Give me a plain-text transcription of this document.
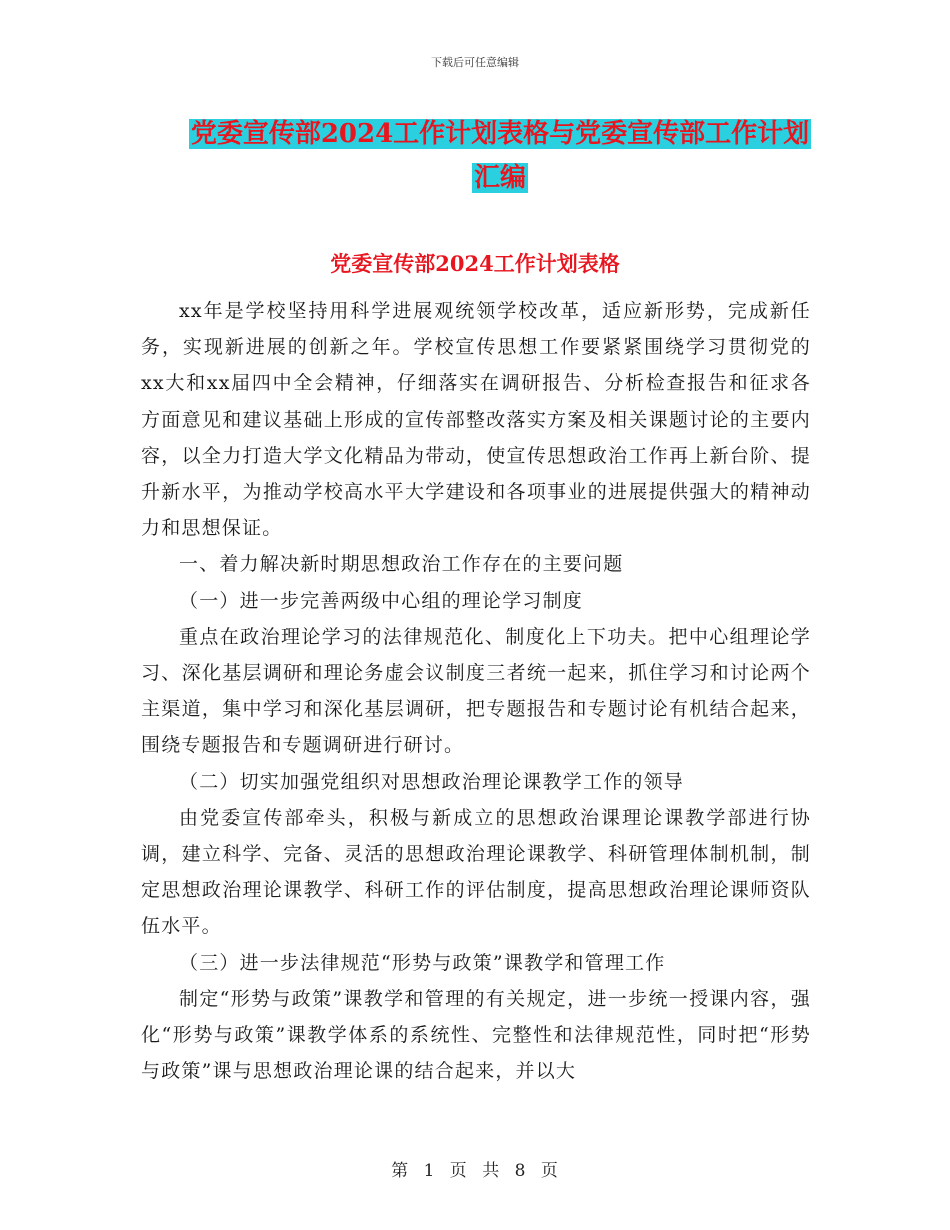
下载后可任意编辑
党委宣传部2024工作计划表格与党委宣传部工作计划
汇编
党委宣传部2024工作计划表格

xx年是学校坚持用科学进展观统领学校改革，适应新形势，完成新任务，实现新进展的创新之年。学校宣传思想工作要紧紧围绕学习贯彻党的xx大和xx届四中全会精神，仔细落实在调研报告、分析检查报告和征求各方面意见和建议基础上形成的宣传部整改落实方案及相关课题讨论的主要内容，以全力打造大学文化精品为带动，使宣传思想政治工作再上新台阶、提升新水平，为推动学校高水平大学建设和各项事业的进展提供强大的精神动力和思想保证。

一、着力解决新时期思想政治工作存在的主要问题

（一）进一步完善两级中心组的理论学习制度

重点在政治理论学习的法律规范化、制度化上下功夫。把中心组理论学习、深化基层调研和理论务虚会议制度三者统一起来，抓住学习和讨论两个主渠道，集中学习和深化基层调研，把专题报告和专题讨论有机结合起来，围绕专题报告和专题调研进行研讨。

（二）切实加强党组织对思想政治理论课教学工作的领导

由党委宣传部牵头，积极与新成立的思想政治课理论课教学部进行协调，建立科学、完备、灵活的思想政治理论课教学、科研管理体制机制，制定思想政治理论课教学、科研工作的评估制度，提高思想政治理论课师资队伍水平。

（三）进一步法律规范“形势与政策”课教学和管理工作

制定“形势与政策”课教学和管理的有关规定，进一步统一授课内容，强化“形势与政策”课教学体系的系统性、完整性和法律规范性，同时把“形势与政策”课与思想政治理论课的结合起来，并以大

第 1 页 共 8 页
